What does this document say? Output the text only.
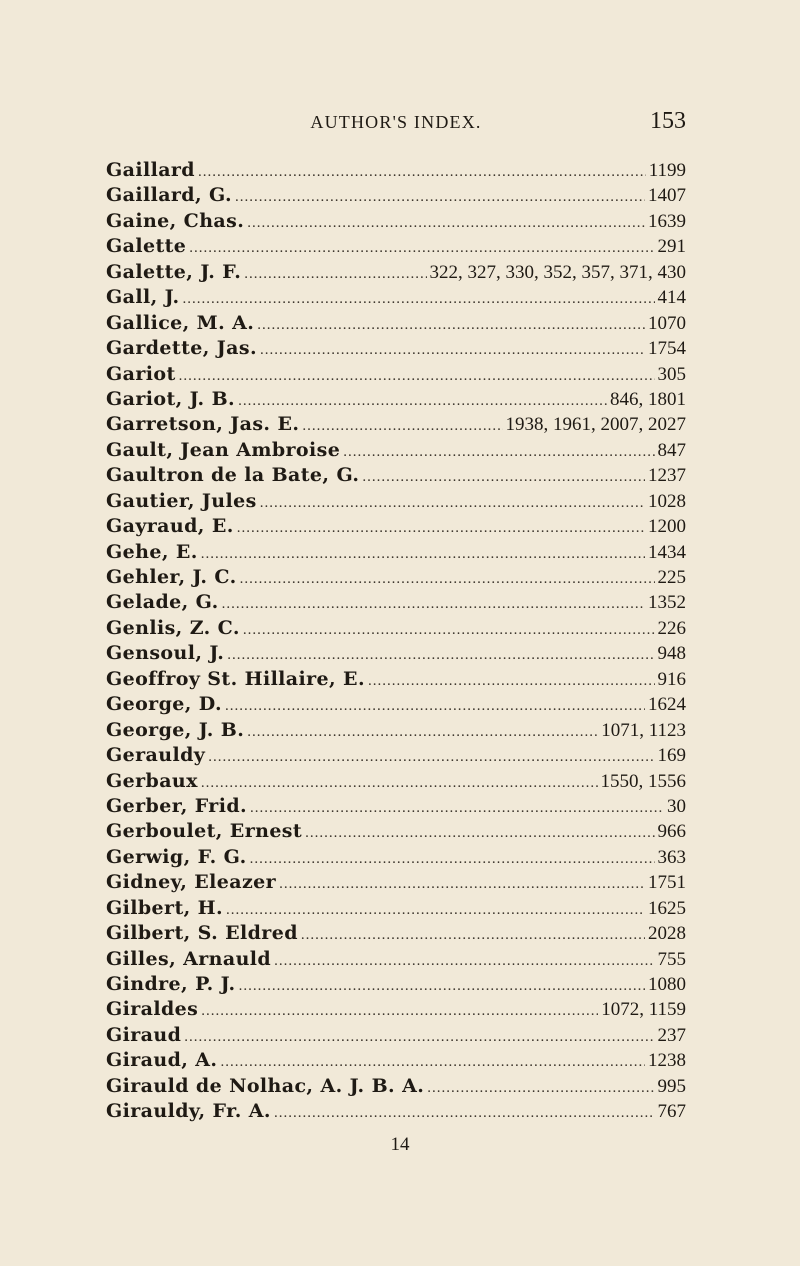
AUTHOR'S INDEX.	153
Gaillard .....	1199
Gaillard, G. .....	1407
Gaine, Chas. .....	1639
Galette .....	291
Galette, J. F. .....	322, 327, 330, 352, 357, 371, 430
Gall, J. .....	414
Gallice, M. A. .....	1070
Gardette, Jas. .....	1754
Gariot .....	305
Gariot, J. B. .....	846, 1801
Garretson, Jas. E. .....	1938, 1961, 2007, 2027
Gault, Jean Ambroise .....	847
Gaultron de la Bate, G. .....	1237
Gautier, Jules .....	1028
Gayraud, E. .....	1200
Gehe, E. .....	1434
Gehler, J. C. .....	225
Gelade, G. .....	1352
Genlis, Z. C. .....	226
Gensoul, J. .....	948
Geoffroy St. Hillaire, E. .....	916
George, D. .....	1624
George, J. B. .....	1071, 1123
Gerauldy .....	169
Gerbaux .....	1550, 1556
Gerber, Frid. .....	30
Gerboulet, Ernest .....	966
Gerwig, F. G. .....	363
Gidney, Eleazer .....	1751
Gilbert, H. .....	1625
Gilbert, S. Eldred .....	2028
Gilles, Arnauld .....	755
Gindre, P. J. .....	1080
Giraldes .....	1072, 1159
Giraud .....	237
Giraud, A. .....	1238
Girauld de Nolhac, A. J. B. A. .....	995
Girauldy, Fr. A. .....	767
14
